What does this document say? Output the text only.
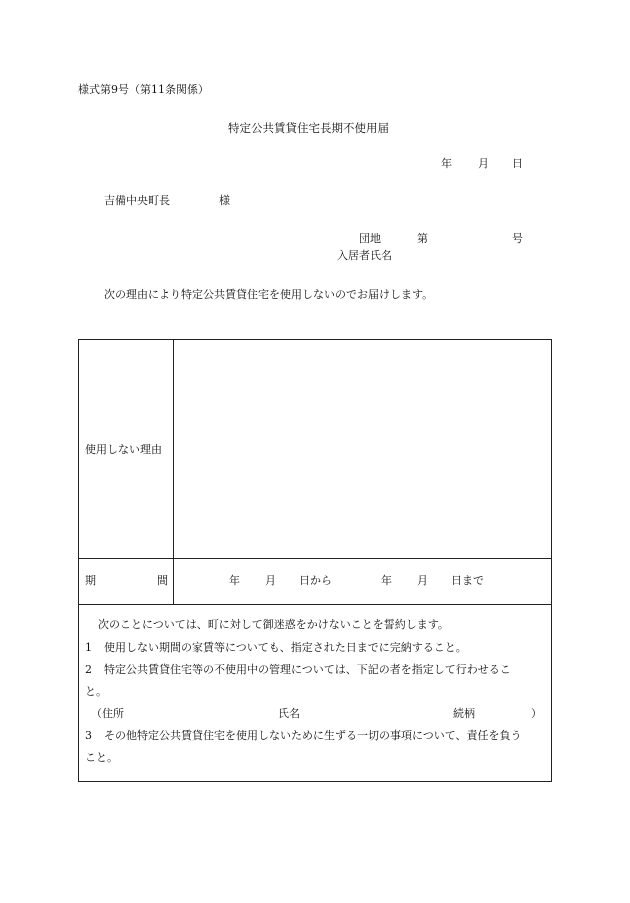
様式第9号（第11条関係）
特定公共賃貸住宅長期不使用届
年 月 日
吉備中央町長	様
団地	第	号
入居者氏名
次の理由により特定公共賃貸住宅を使用しないのでお届けします。
使用しない理由
期	間	年 月 日から	年 月 日まで
次のことについては、町に対して御迷惑をかけないことを誓約します。
1 使用しない期間の家賃等についても、指定された日までに完納すること。
2 特定公共賃貸住宅等の不使用中の管理については、下記の者を指定して行わせるこ
と。
（住所	氏名	続柄	）
3 その他特定公共賃貸住宅を使用しないために生ずる一切の事項について、責任を負う
こと。
